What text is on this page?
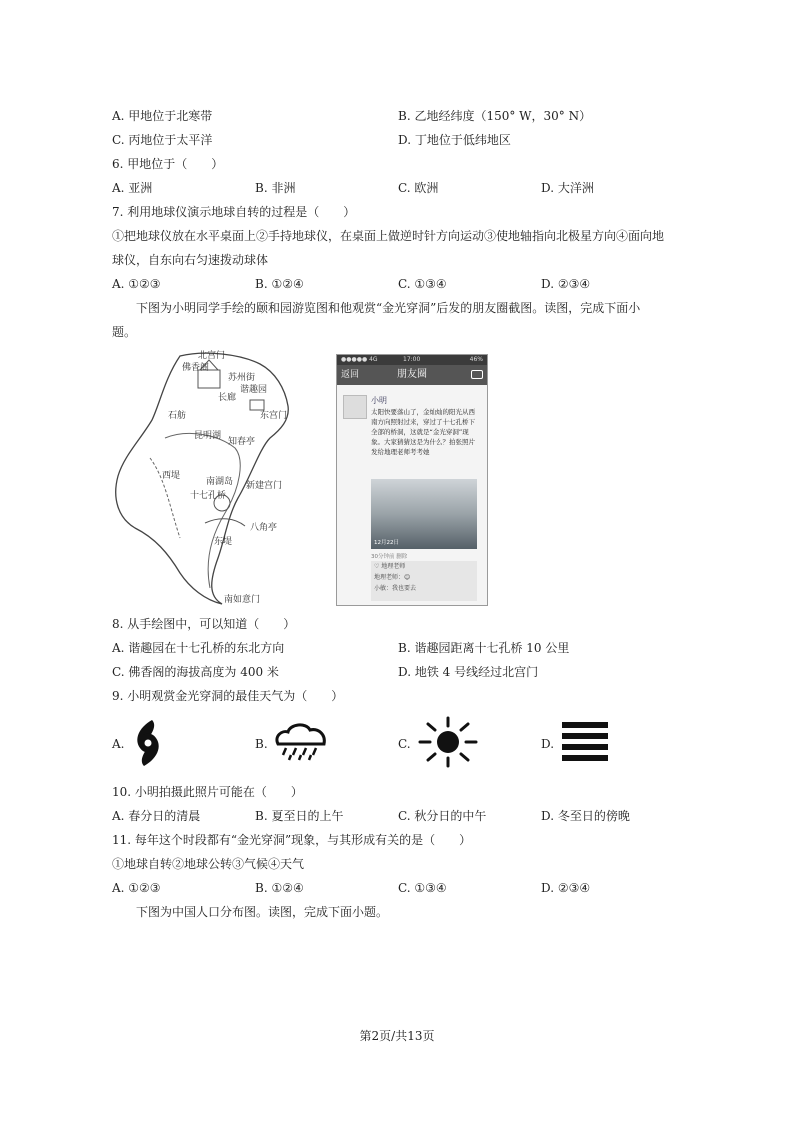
A. 甲地位于北寒带	B. 乙地经纬度（150° W，30° N）
C. 丙地位于太平洋	D. 丁地位于低纬地区
6. 甲地位于（　　）
A. 亚洲	B. 非洲	C. 欧洲	D. 大洋洲
7. 利用地球仪演示地球自转的过程是（　　）
①把地球仪放在水平桌面上②手持地球仪，在桌面上做逆时针方向运动③使地轴指向北极星方向④面向地
球仪，自东向右匀速拨动球体
A. ①②③	B. ①②④	C. ①③④	D. ②③④
下图为小明同学手绘的颐和园游览图和他观赏“金光穿洞”后发的朋友圈截图。读图，完成下面小
题。
北宫门
佛香阁
苏州街
东宫门
昆明湖
谐趣园
长廊
石舫
南湖岛
十七孔桥
西堤
东堤
知春亭
新建宫门
八角亭
南如意门
●●●●● 4G	17:00	46%
朋友圈
返回
小明
太阳快要落山了，金灿灿的阳光从西南方向照射过来，穿过了十七孔桥下全部的桥洞，这就是“金光穿洞”现象。大家猜猜这是为什么？拍张照片发给地理老师考考她
12月22日
30分钟前 删除
♡ 地理老师
地理老师：😊
小敏：我也要去
8. 从手绘图中，可以知道（　　）
A. 谐趣园在十七孔桥的东北方向	B. 谐趣园距离十七孔桥 10 公里
C. 佛香阁的海拔高度为 400 米	D. 地铁 4 号线经过北宫门
9. 小明观赏金光穿洞的最佳天气为（　　）
A.	B.	C.	D.
10. 小明拍摄此照片可能在（　　）
A. 春分日的清晨	B. 夏至日的上午	C. 秋分日的中午	D. 冬至日的傍晚
11. 每年这个时段都有“金光穿洞”现象，与其形成有关的是（　　）
①地球自转②地球公转③气候④天气
A. ①②③	B. ①②④	C. ①③④	D. ②③④
下图为中国人口分布图。读图，完成下面小题。
第2页/共13页
